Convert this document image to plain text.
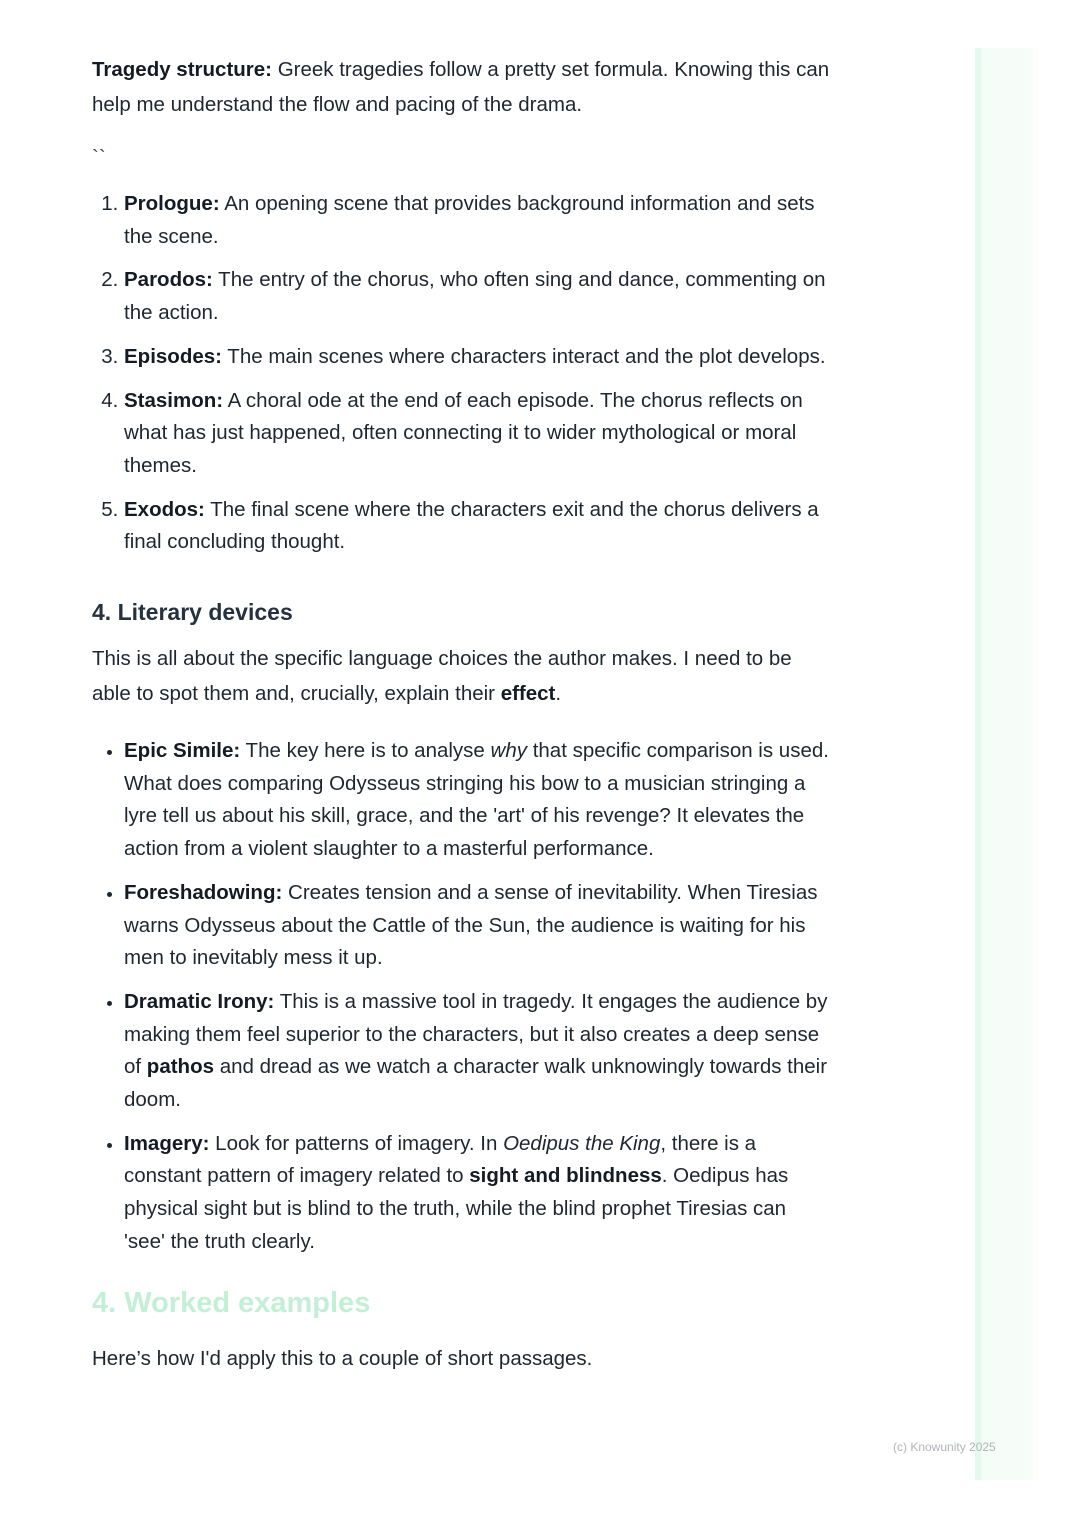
Tragedy structure: Greek tragedies follow a pretty set formula. Knowing this can help me understand the flow and pacing of the drama.

``
1. Prologue: An opening scene that provides background information and sets the scene.
2. Parodos: The entry of the chorus, who often sing and dance, commenting on the action.
3. Episodes: The main scenes where characters interact and the plot develops.
4. Stasimon: A choral ode at the end of each episode. The chorus reflects on what has just happened, often connecting it to wider mythological or moral themes.
5. Exodos: The final scene where the characters exit and the chorus delivers a final concluding thought.
4. Literary devices

This is all about the specific language choices the author makes. I need to be able to spot them and, crucially, explain their effect.

• Epic Simile: The key here is to analyse why that specific comparison is used. What does comparing Odysseus stringing his bow to a musician stringing a lyre tell us about his skill, grace, and the 'art' of his revenge? It elevates the action from a violent slaughter to a masterful performance.
• Foreshadowing: Creates tension and a sense of inevitability. When Tiresias warns Odysseus about the Cattle of the Sun, the audience is waiting for his men to inevitably mess it up.
• Dramatic Irony: This is a massive tool in tragedy. It engages the audience by making them feel superior to the characters, but it also creates a deep sense of pathos and dread as we watch a character walk unknowingly towards their doom.
• Imagery: Look for patterns of imagery. In Oedipus the King, there is a constant pattern of imagery related to sight and blindness. Oedipus has physical sight but is blind to the truth, while the blind prophet Tiresias can 'see' the truth clearly.
4. Worked examples

Here’s how I'd apply this to a couple of short passages.

(c) Knowunity 2025
